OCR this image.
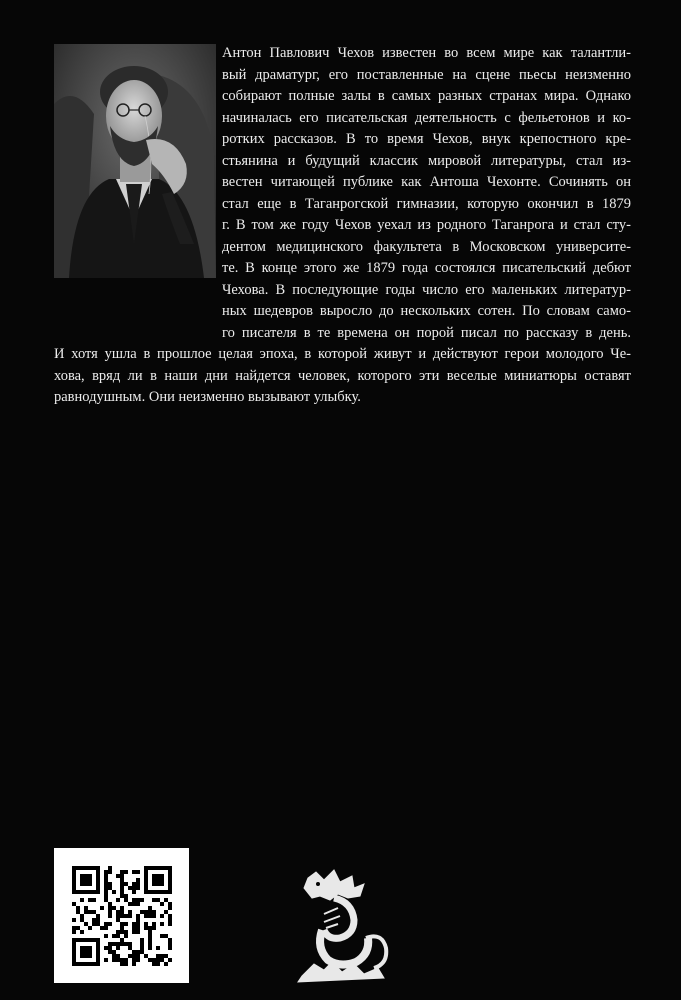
Антон Павлович Чехов известен во всем мире как талантли-
вый драматург, его поставленные на сцене пьесы неизменно
собирают полные залы в самых разных странах мира. Однако
начиналась его писательская деятельность с фельетонов и ко-
ротких рассказов. В то время Чехов, внук крепостного кре-
стьянина и будущий классик мировой литературы, стал из-
вестен читающей публике как Антоша Чехонте. Сочинять он
стал еще в Таганрогской гимназии, которую окончил в 1879
г. В том же году Чехов уехал из родного Таганрога и стал сту-
дентом медицинского факультета в Московском университе-
те. В конце этого же 1879 года состоялся писательский дебют
Чехова. В последующие годы число его маленьких литератур-
ных шедевров выросло до нескольких сотен. По словам само-
го писателя в те времена он порой писал по рассказу в день.
И хотя ушла в прошлое целая эпоха, в которой живут и действуют герои молодого Че-
хова, вряд ли в наши дни найдется человек, которого эти веселые миниатюры оставят
равнодушным. Они неизменно вызывают улыбку.
